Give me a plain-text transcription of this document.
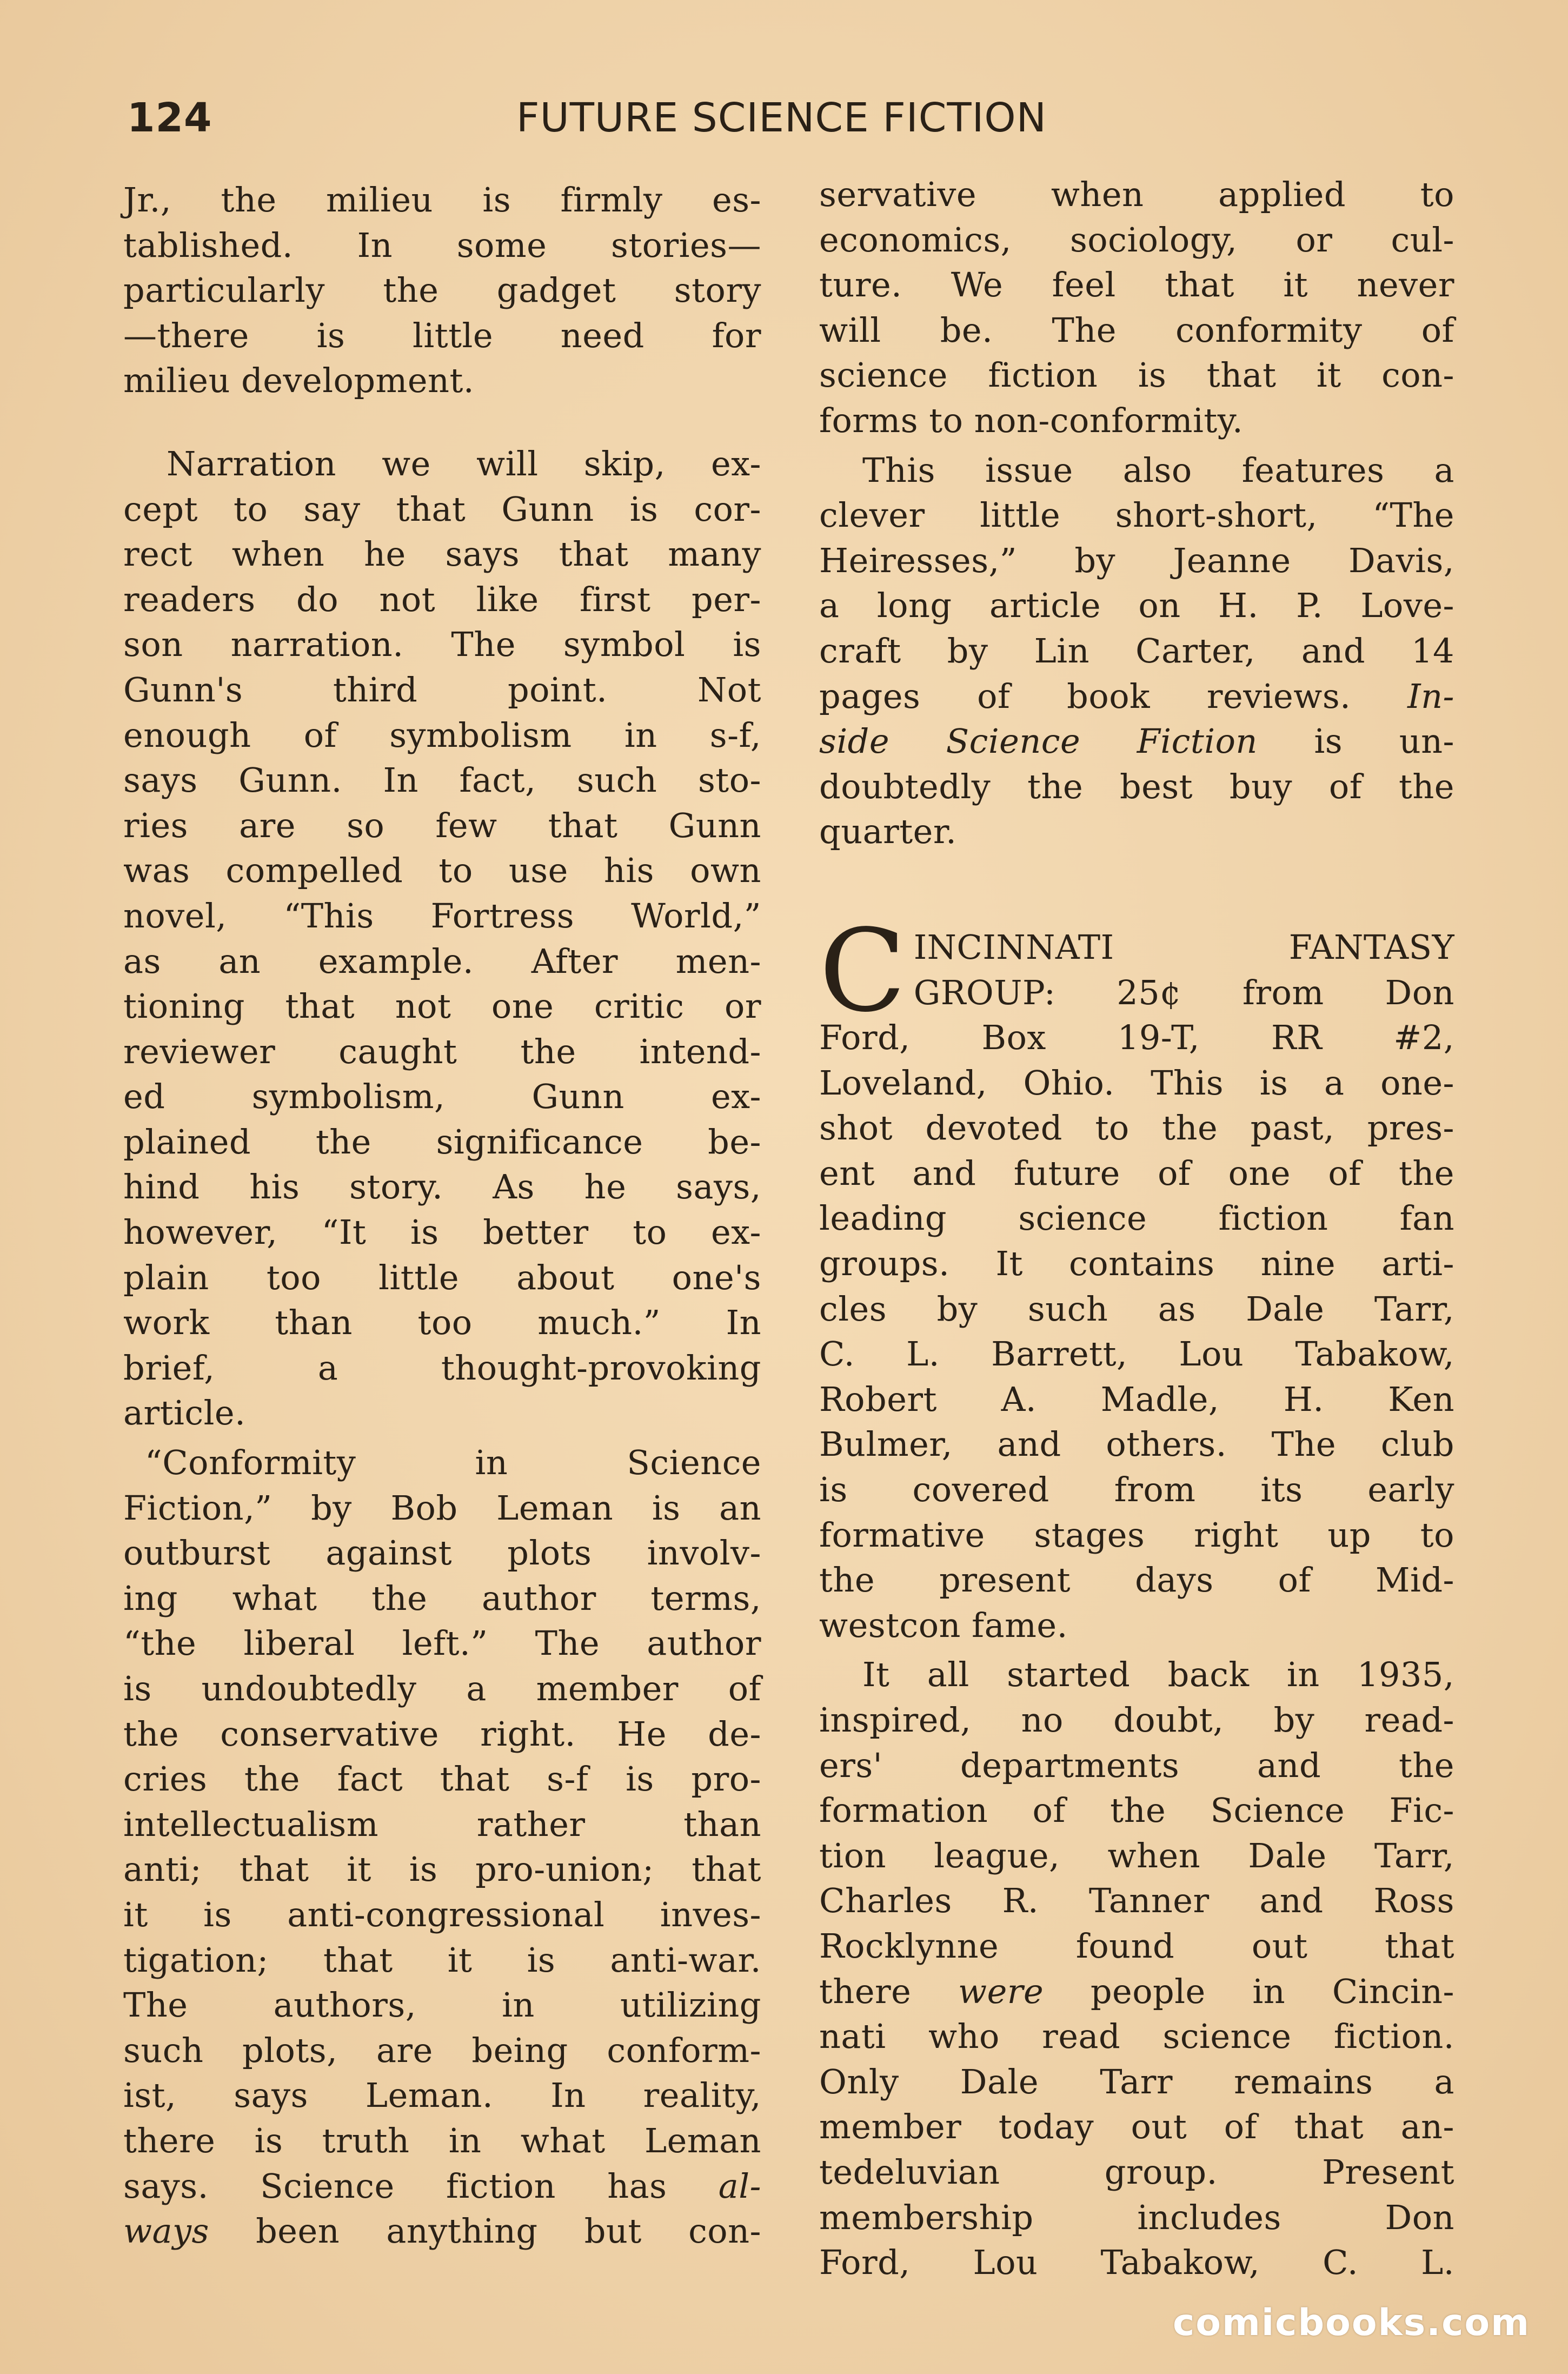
124	FUTURE SCIENCE FICTION

Jr., the milieu is firmly es-
tablished. In some stories—
particularly the gadget story
—there is little need for

milieu development.

Narration we will skip, ex-

cept to say that Gunn is cor-
rect when he says that many
readers do not like first per-
son narration. The symbol is
Gunn's third point. Not
enough of symbolism in s-f,
says Gunn. In fact, such sto-
ries are so few that Gunn
was compelled to use his own
novel, “This Fortress World,”
as an example. After men-
tioning that not one critic or
reviewer caught the intend-
ed symbolism, Gunn ex-
plained the significance be-
hind his story. As he says,
however, “It is better to ex-
plain too little about one's
work than too much.” In
brief, a thought-provoking

article.

“Conformity in Science

Fiction,” by Bob Leman is an
outburst against plots involv-
ing what the author terms,
“the liberal left.” The author
is undoubtedly a member of
the conservative right. He de-
cries the fact that s-f is pro-
intellectualism rather than
anti; that it is pro-union; that
it is anti-congressional inves-
tigation; that it is anti-war.
The authors, in utilizing
such plots, are being conform-
ist, says Leman. In reality,
there is truth in what Leman

says. Science fiction has al-

ways been anything but con-

servative when applied to
economics, sociology, or cul-
ture. We feel that it never
will be. The conformity of
science fiction is that it con-

forms to non-conformity.

This issue also features a

clever little short-short, “The
Heiresses,” by Jeanne Davis,
a long article on H. P. Love-
craft by Lin Carter, and 14

pages of book reviews. In-

side Science Fiction is un-

doubtedly the best buy of the

quarter.

C INCINNATI FANTASY

GROUP: 25¢ from Don

Ford, Box 19-T, RR #2,
Loveland, Ohio. This is a one-
shot devoted to the past, pres-
ent and future of one of the
leading science fiction fan
groups. It contains nine arti-
cles by such as Dale Tarr,
C. L. Barrett, Lou Tabakow,
Robert A. Madle, H. Ken
Bulmer, and others. The club
is covered from its early
formative stages right up to
the present days of Mid-

westcon fame.

It all started back in 1935,

inspired, no doubt, by read-
ers' departments and the
formation of the Science Fic-
tion league, when Dale Tarr,
Charles R. Tanner and Ross
Rocklynne found out that

there were people in Cincin-

nati who read science fiction.
Only Dale Tarr remains a
member today out of that an-
tedeluvian group. Present
membership includes Don

Ford, Lou Tabakow, C. L.

comicbooks.com
